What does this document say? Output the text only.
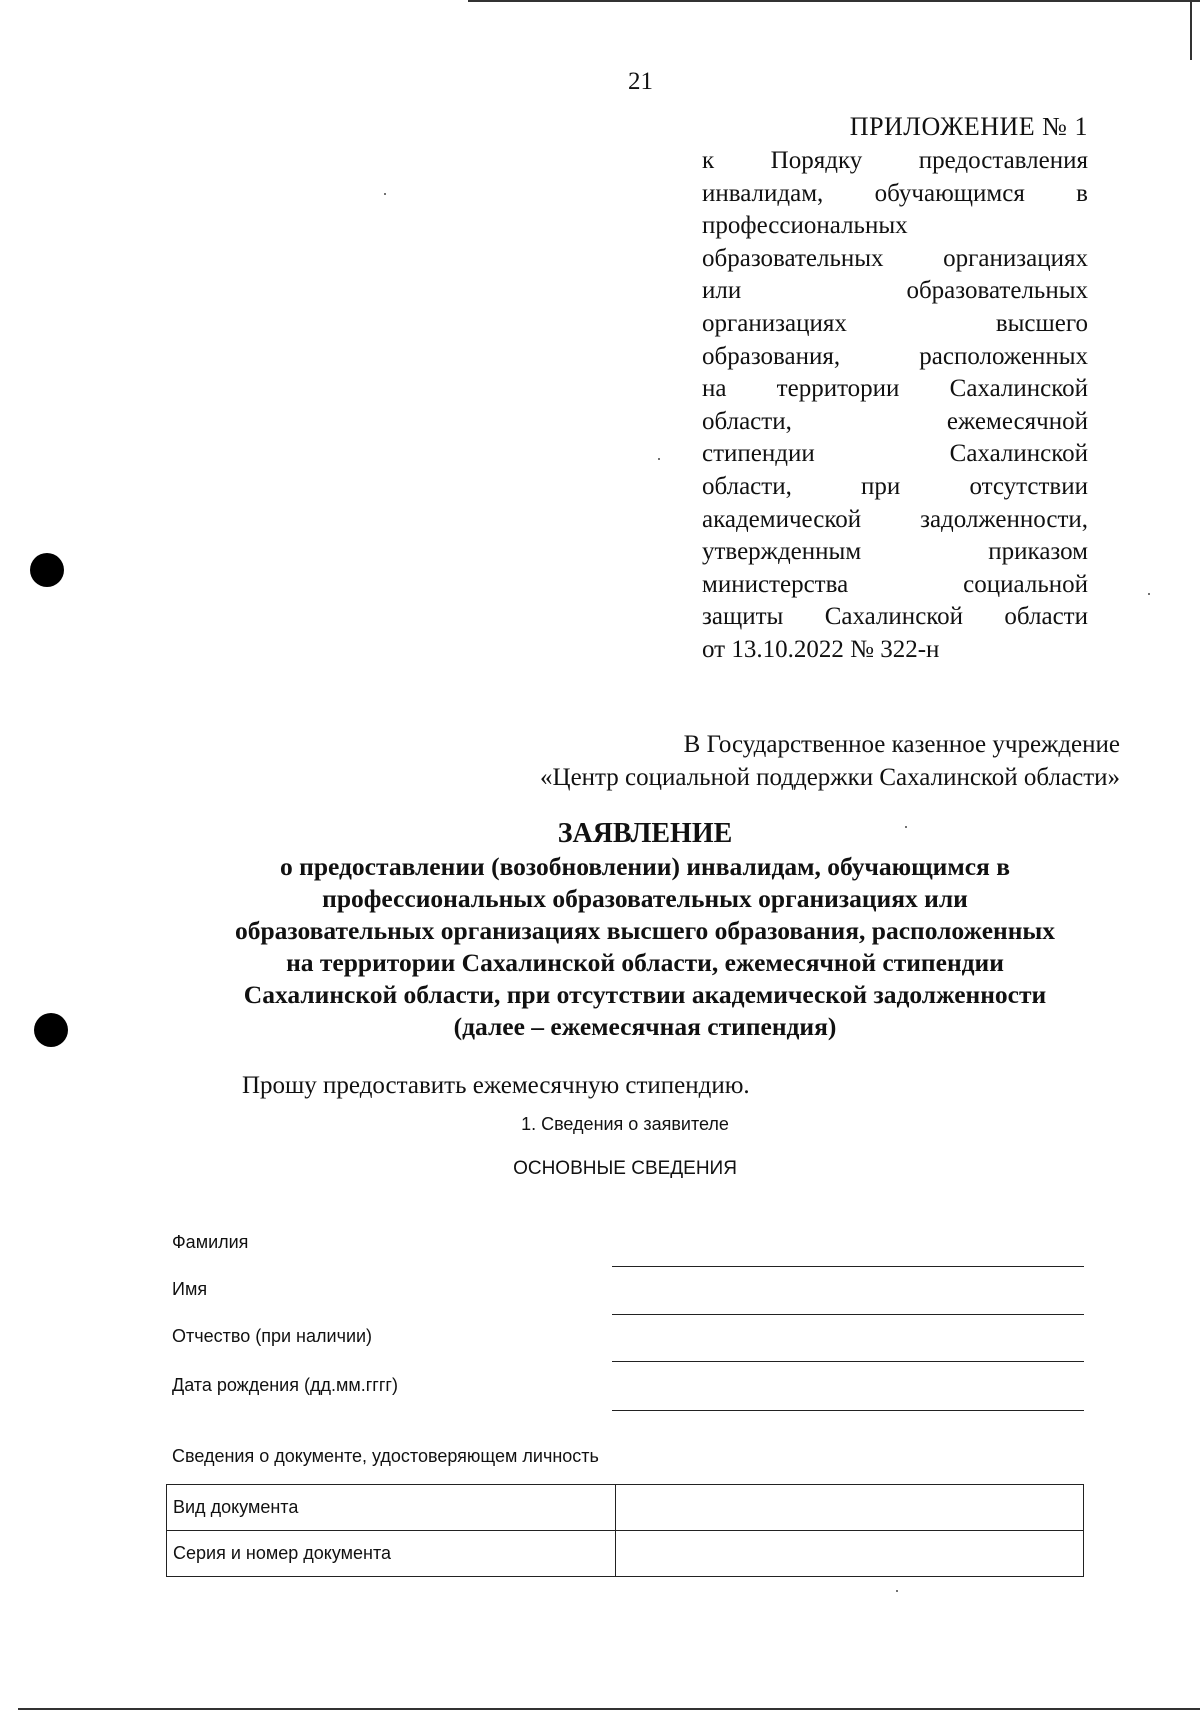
21
ПРИЛОЖЕНИЕ № 1
к Порядку предоставления
инвалидам, обучающимся в
профессиональных
образовательных организациях
или образовательных
организациях высшего
образования, расположенных
на территории Сахалинской
области, ежемесячной
стипендии Сахалинской
области, при отсутствии
академической задолженности,
утвержденным приказом
министерства социальной
защиты Сахалинской области
от 13.10.2022 № 322-н
В Государственное казенное учреждение
«Центр социальной поддержки Сахалинской области»
ЗАЯВЛЕНИЕ
о предоставлении (возобновлении) инвалидам, обучающимся в
профессиональных образовательных организациях или
образовательных организациях высшего образования, расположенных
на территории Сахалинской области, ежемесячной стипендии
Сахалинской области, при отсутствии академической задолженности
(далее – ежемесячная стипендия)
Прошу предоставить ежемесячную стипендию.
1. Сведения о заявителе
ОСНОВНЫЕ СВЕДЕНИЯ
Фамилия
Имя
Отчество (при наличии)
Дата рождения (дд.мм.гггг)
Сведения о документе, удостоверяющем личность
Вид документа	
Серия и номер документа	
